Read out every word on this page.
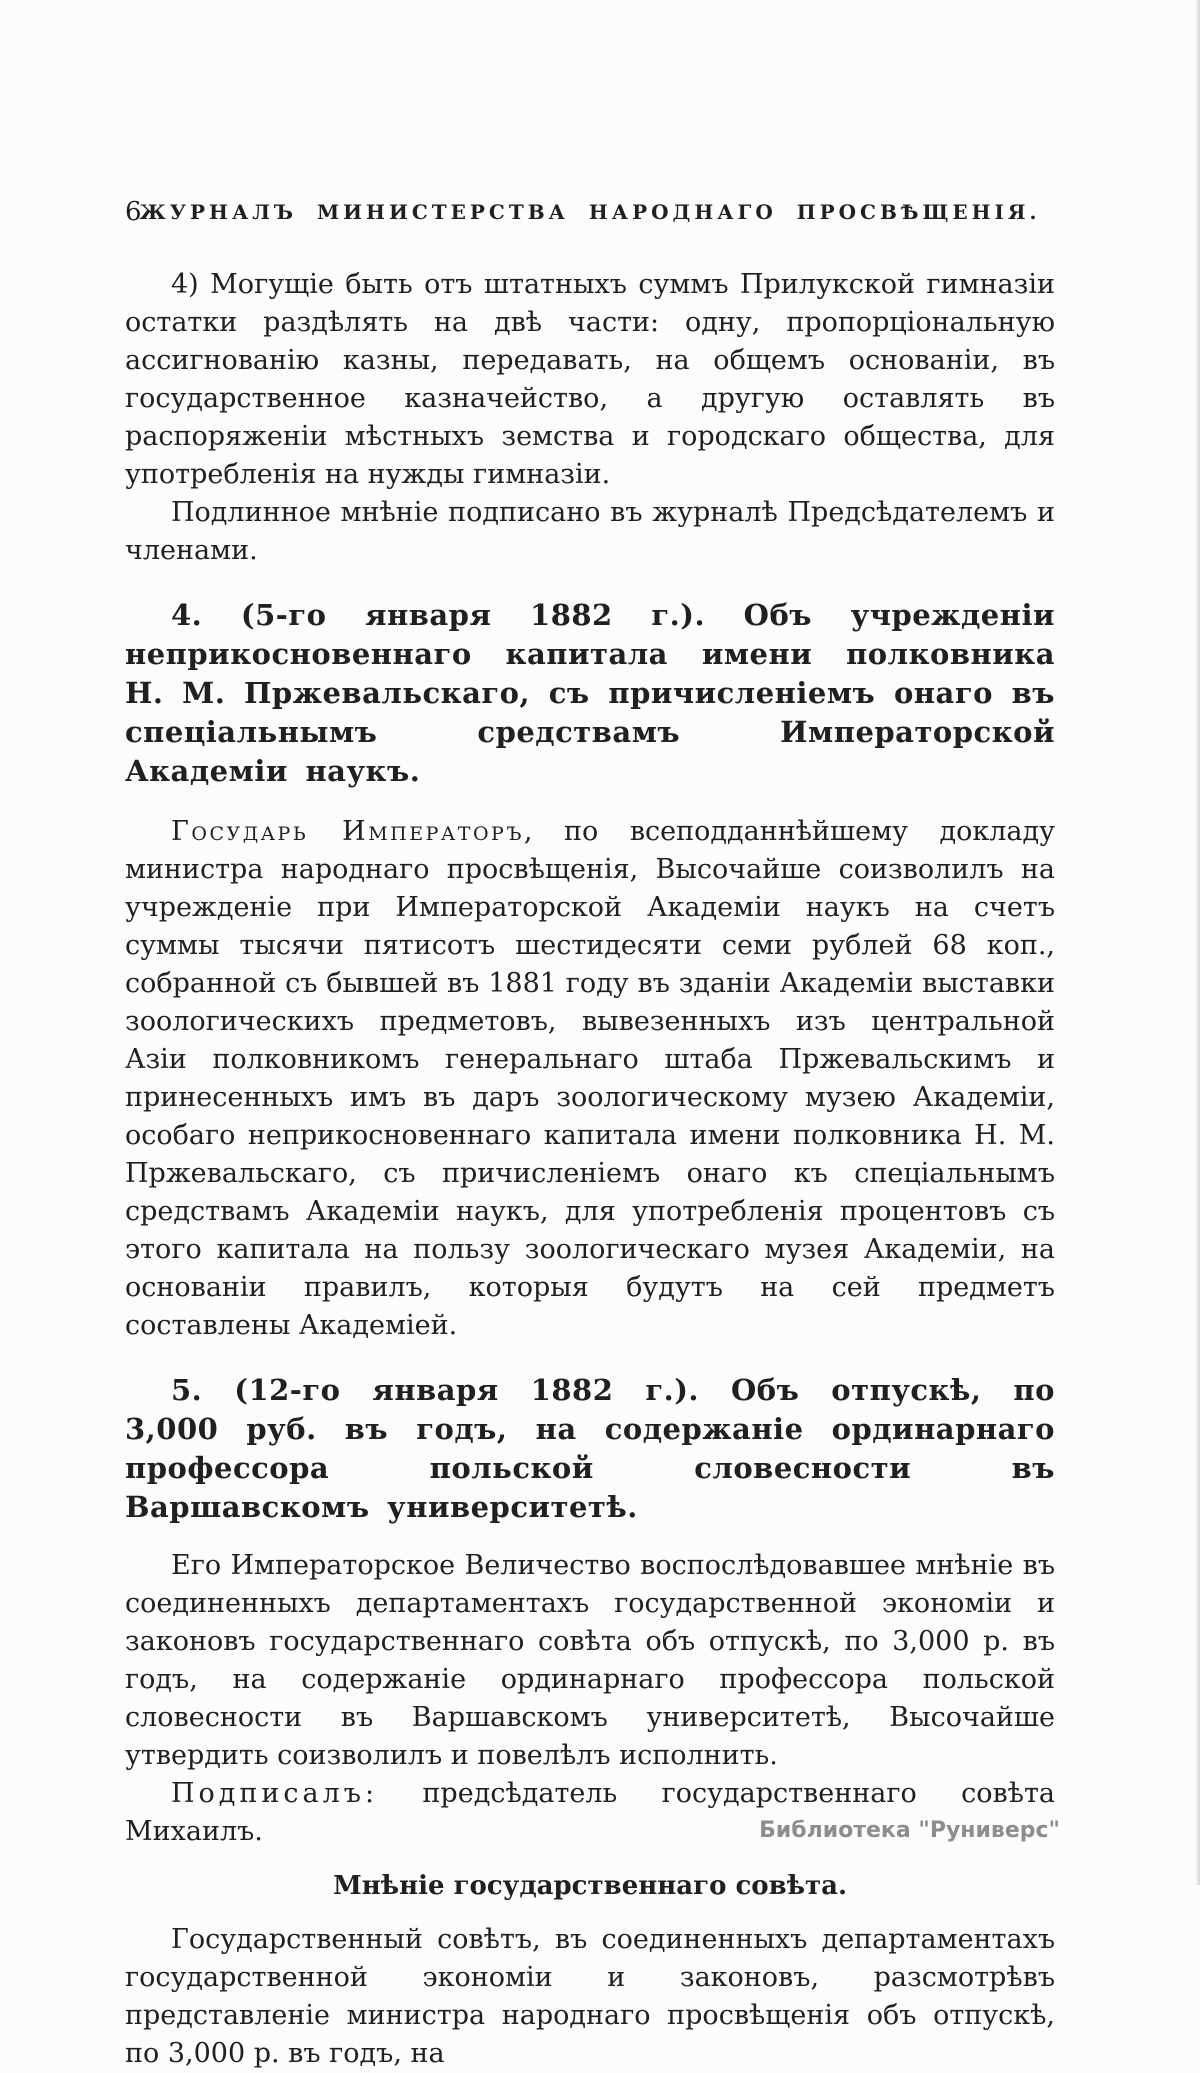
6
ЖУРНАЛЪ МИНИСТЕРСТВА НАРОДНАГО ПРОСВѢЩЕНІЯ.

4) Могущіе быть отъ штатныхъ суммъ Прилукской гимназіи остатки раздѣлять на двѣ части: одну, пропорціональную ассигнованію казны, передавать, на общемъ основаніи, въ государственное казначейство, а другую оставлять въ распоряженіи мѣстныхъ земства и городскаго общества, для употребленія на нужды гимназіи.

Подлинное мнѣніе подписано въ журналѣ Предсѣдателемъ и членами.

4. (5-го января 1882 г.). Объ учрежденіи неприкосновеннаго капитала имени полковника Н. М. Пржевальскаго, съ причисленіемъ онаго въ спеціальнымъ средствамъ Императорской Академіи наукъ.

Государь Императоръ, по всеподданнѣйшему докладу министра народнаго просвѣщенія, Высочайше соизволилъ на учрежденіе при Императорской Академіи наукъ на счетъ суммы тысячи пятисотъ шестидесяти семи рублей 68 коп., собранной съ бывшей въ 1881 году въ зданіи Академіи выставки зоологическихъ предметовъ, вывезенныхъ изъ центральной Азіи полковникомъ генеральнаго штаба Пржевальскимъ и принесенныхъ имъ въ даръ зоологическому музею Академіи, особаго неприкосновеннаго капитала имени полковника Н. М. Пржевальскаго, съ причисленіемъ онаго къ спеціальнымъ средствамъ Академіи наукъ, для употребленія процентовъ съ этого капитала на пользу зоологическаго музея Академіи, на основаніи правилъ, которыя будутъ на сей предметъ составлены Академіей.

5. (12-го января 1882 г.). Объ отпускѣ, по 3,000 руб. въ годъ, на содержаніе ординарнаго профессора польской словесности въ Варшавскомъ университетѣ.

Его Императорское Величество воспослѣдовавшее мнѣніе въ соединенныхъ департаментахъ государственной экономіи и законовъ государственнаго совѣта объ отпускѣ, по 3,000 р. въ годъ, на содержаніе ординарнаго профессора польской словесности въ Варшавскомъ университетѣ, Высочайше утвердить соизволилъ и повелѣлъ исполнить.

Подписалъ: предсѣдатель государственнаго совѣта Михаилъ.

Мнѣніе государственнаго совѣта.

Государственный совѣтъ, въ соединенныхъ департаментахъ государственной экономіи и законовъ, разсмотрѣвъ представленіе министра народнаго просвѣщенія объ отпускѣ, по 3,000 р. въ годъ, на

Библиотека "Руниверс"
